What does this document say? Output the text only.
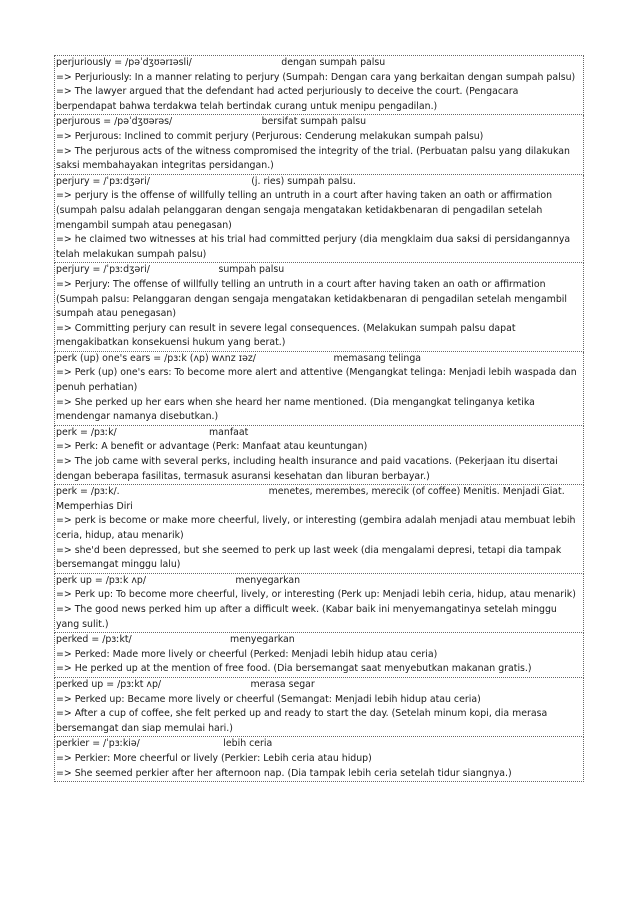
perjuriously = /pəˈdʒʊərɪəsli/                              dengan sumpah palsu
=> Perjuriously: In a manner relating to perjury (Sumpah: Dengan cara yang berkaitan dengan sumpah palsu)
=> The lawyer argued that the defendant had acted perjuriously to deceive the court. (Pengacara berpendapat bahwa terdakwa telah bertindak curang untuk menipu pengadilan.)
perjurous = /pəˈdʒʊərəs/                              bersifat sumpah palsu
=> Perjurous: Inclined to commit perjury (Perjurous: Cenderung melakukan sumpah palsu)
=> The perjurous acts of the witness compromised the integrity of the trial. (Perbuatan palsu yang dilakukan saksi membahayakan integritas persidangan.)
perjury = /ˈpɜːdʒəri/                                  (j. ries) sumpah palsu.
=> perjury is the offense of willfully telling an untruth in a court after having taken an oath or affirmation (sumpah palsu adalah pelanggaran dengan sengaja mengatakan ketidakbenaran di pengadilan setelah mengambil sumpah atau penegasan)
=> he claimed two witnesses at his trial had committed perjury (dia mengklaim dua saksi di persidangannya telah melakukan sumpah palsu)
perjury = /ˈpɜːdʒəri/                       sumpah palsu
=> Perjury: The offense of willfully telling an untruth in a court after having taken an oath or affirmation (Sumpah palsu: Pelanggaran dengan sengaja mengatakan ketidakbenaran di pengadilan setelah mengambil sumpah atau penegasan)
=> Committing perjury can result in severe legal consequences. (Melakukan sumpah palsu dapat mengakibatkan konsekuensi hukum yang berat.)
perk (up) one's ears = /pɜːk (ʌp) wʌnz ɪəz/                          memasang telinga
=> Perk (up) one's ears: To become more alert and attentive (Mengangkat telinga: Menjadi lebih waspada dan penuh perhatian)
=> She perked up her ears when she heard her name mentioned. (Dia mengangkat telinganya ketika mendengar namanya disebutkan.)
perk = /pɜːk/                               manfaat
=> Perk: A benefit or advantage (Perk: Manfaat atau keuntungan)
=> The job came with several perks, including health insurance and paid vacations. (Pekerjaan itu disertai dengan beberapa fasilitas, termasuk asuransi kesehatan dan liburan berbayar.)
perk = /pɜːk/.                                                  menetes, merembes, merecik (of coffee) Menitis. Menjadi Giat. Memperhias Diri
=> perk is become or make more cheerful, lively, or interesting (gembira adalah menjadi atau membuat lebih ceria, hidup, atau menarik)
=> she'd been depressed, but she seemed to perk up last week (dia mengalami depresi, tetapi dia tampak bersemangat minggu lalu)
perk up = /pɜːk ʌp/                              menyegarkan
=> Perk up: To become more cheerful, lively, or interesting (Perk up: Menjadi lebih ceria, hidup, atau menarik)
=> The good news perked him up after a difficult week. (Kabar baik ini menyemangatinya setelah minggu yang sulit.)
perked = /pɜːkt/                                 menyegarkan
=> Perked: Made more lively or cheerful (Perked: Menjadi lebih hidup atau ceria)
=> He perked up at the mention of free food. (Dia bersemangat saat menyebutkan makanan gratis.)
perked up = /pɜːkt ʌp/                              merasa segar
=> Perked up: Became more lively or cheerful (Semangat: Menjadi lebih hidup atau ceria)
=> After a cup of coffee, she felt perked up and ready to start the day. (Setelah minum kopi, dia merasa bersemangat dan siap memulai hari.)
perkier = /ˈpɜːkiə/                            lebih ceria
=> Perkier: More cheerful or lively (Perkier: Lebih ceria atau hidup)
=> She seemed perkier after her afternoon nap. (Dia tampak lebih ceria setelah tidur siangnya.)
